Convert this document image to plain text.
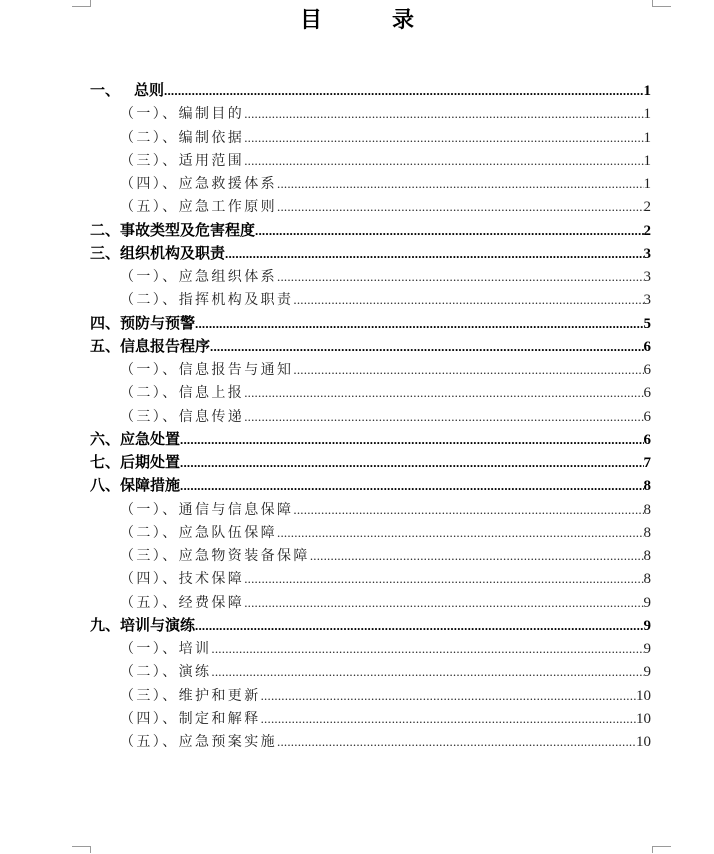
目　录
一、 总则 .....	1
（一）、编制目的 .....	1
（二）、编制依据 .....	1
（三）、适用范围 .....	1
（四）、应急救援体系 .....	1
（五）、应急工作原则 .....	2
二、事故类型及危害程度 .....	2
三、组织机构及职责 .....	3
（一）、应急组织体系 .....	3
（二）、指挥机构及职责 .....	3
四、预防与预警 .....	5
五、信息报告程序 .....	6
（一）、信息报告与通知 .....	6
（二）、信息上报 .....	6
（三）、信息传递 .....	6
六、应急处置 .....	6
七、后期处置 .....	7
八、保障措施 .....	8
（一）、通信与信息保障 .....	8
（二）、应急队伍保障 .....	8
（三）、应急物资装备保障 .....	8
（四）、技术保障 .....	8
（五）、经费保障 .....	9
九、培训与演练 .....	9
（一）、培训 .....	9
（二）、演练 .....	9
（三）、维护和更新 .....	10
（四）、制定和解释 .....	10
（五）、应急预案实施 .....	10
